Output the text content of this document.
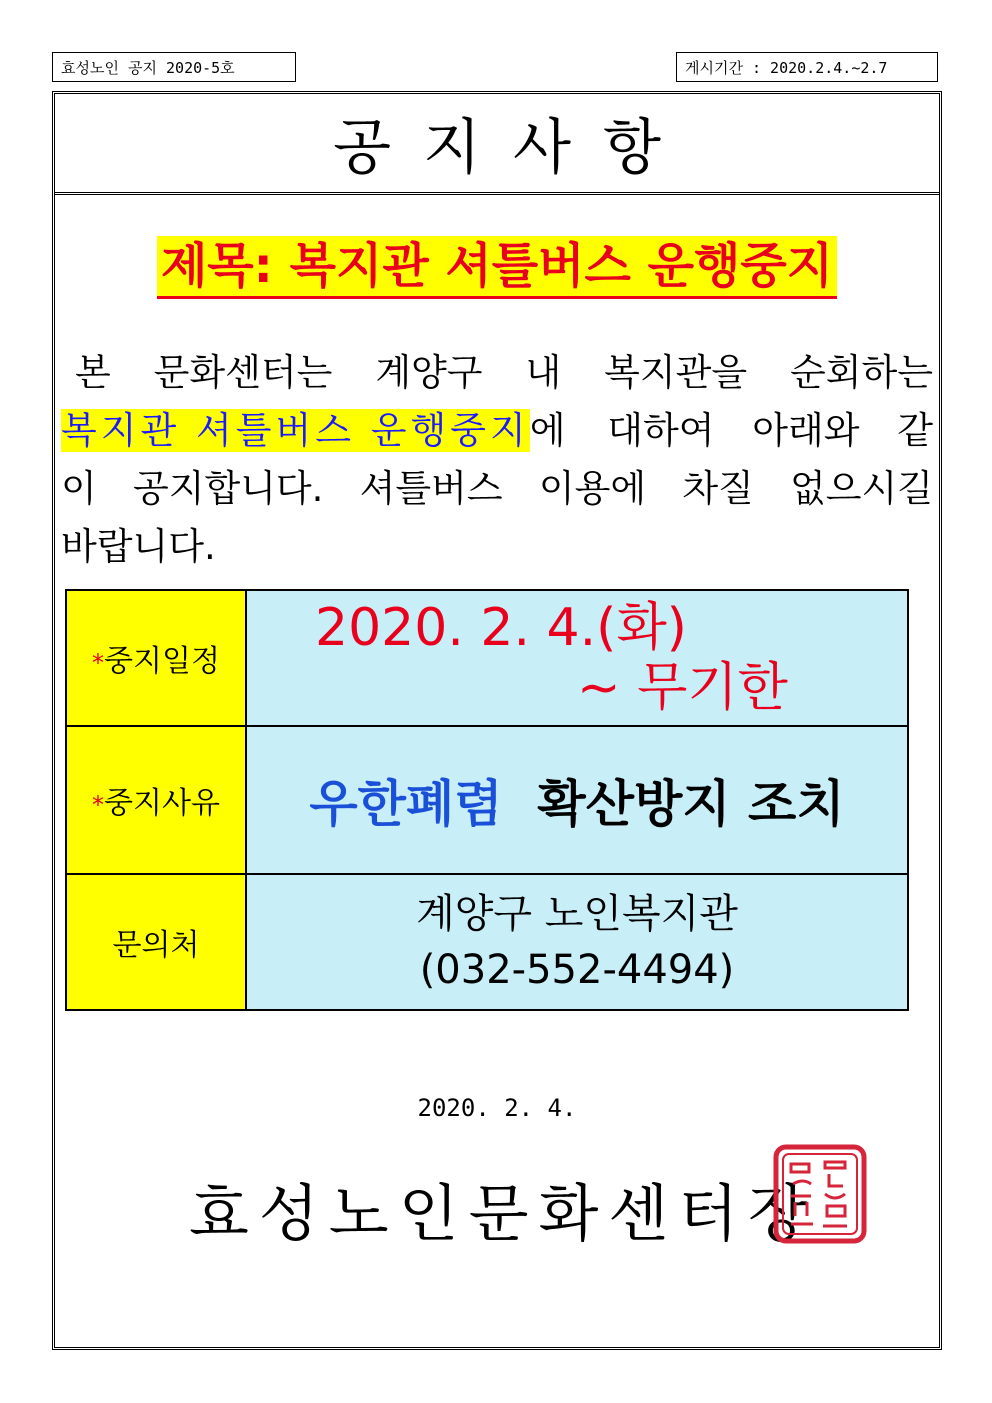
효성노인 공지 2020-5호	게시기간 : 2020.2.4.~2.7
공지사항
제목: 복지관 셔틀버스 운행중지
본 문화센터는 계양구 내 복지관을 순회하는
복지관 셔틀버스 운행중지에 대하여 아래와 같
이 공지합니다. 셔틀버스 이용에 차질 없으시길
바랍니다.
*중지일정	2020. 2. 4.(화)
~ 무기한

*중지사유	우한폐렴 확산방지 조치

문의처	계양구 노인복지관
(032-552-4494)
2020. 2. 4.
효성노인문화센터장
